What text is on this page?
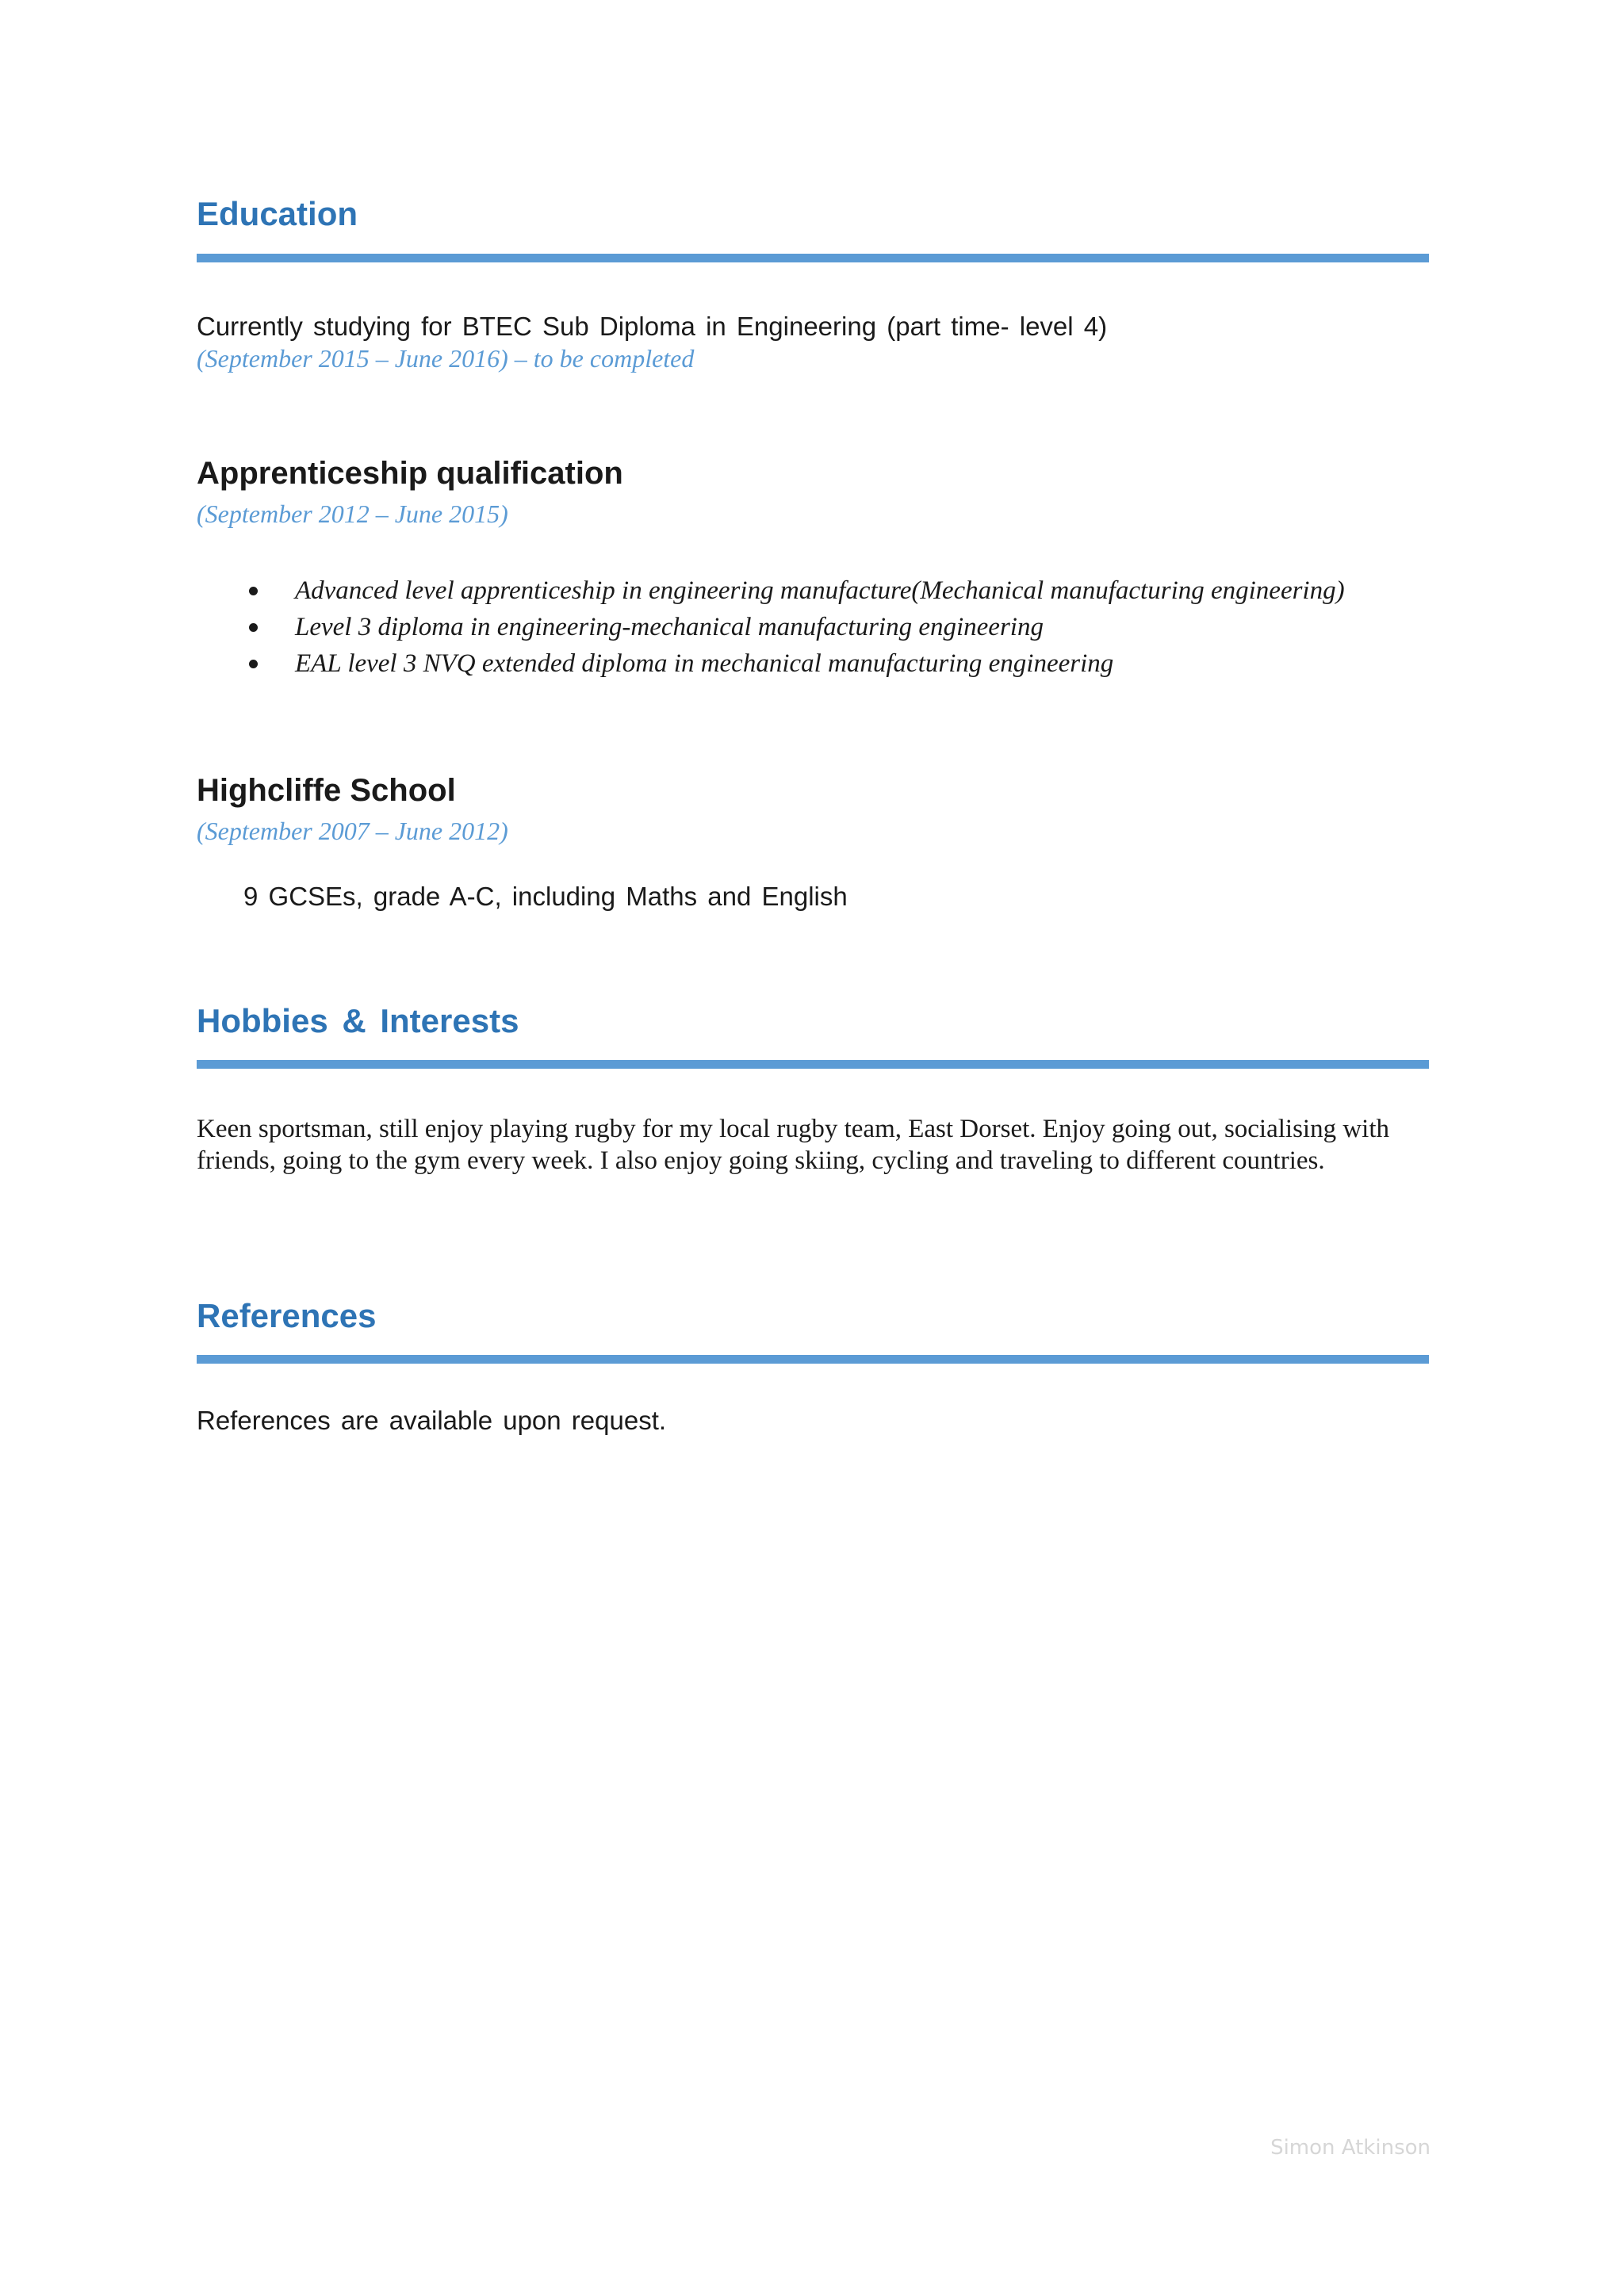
Education
Currently studying for BTEC Sub Diploma in Engineering (part time- level 4)
(September 2015 – June 2016) – to be completed
Apprenticeship qualification
(September 2012 – June 2015)
Advanced level apprenticeship in engineering manufacture(Mechanical manufacturing engineering)
Level 3 diploma in engineering-mechanical manufacturing engineering
EAL level 3 NVQ extended diploma in mechanical manufacturing engineering
Highcliffe School
(September 2007 – June 2012)
9 GCSEs, grade A-C, including Maths and English
Hobbies & Interests

Keen sportsman, still enjoy playing rugby for my local rugby team, East Dorset. Enjoy going out, socialising with friends, going to the gym every week. I also enjoy going skiing, cycling and traveling to different countries.

References
References are available upon request.
Simon Atkinson
